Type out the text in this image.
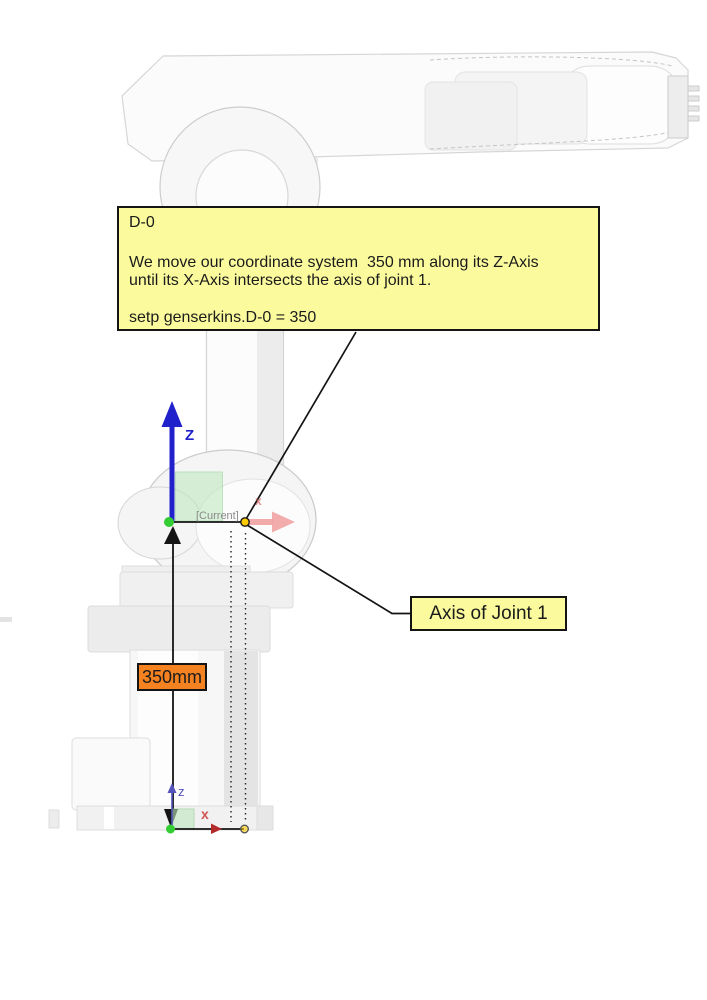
x
D-0
We move our coordinate system  350 mm along its Z-Axis
until its X-Axis intersects the axis of joint 1.
setp genserkins.D-0 = 350
Axis of Joint 1
350mm
[Current]
Z
z
x
